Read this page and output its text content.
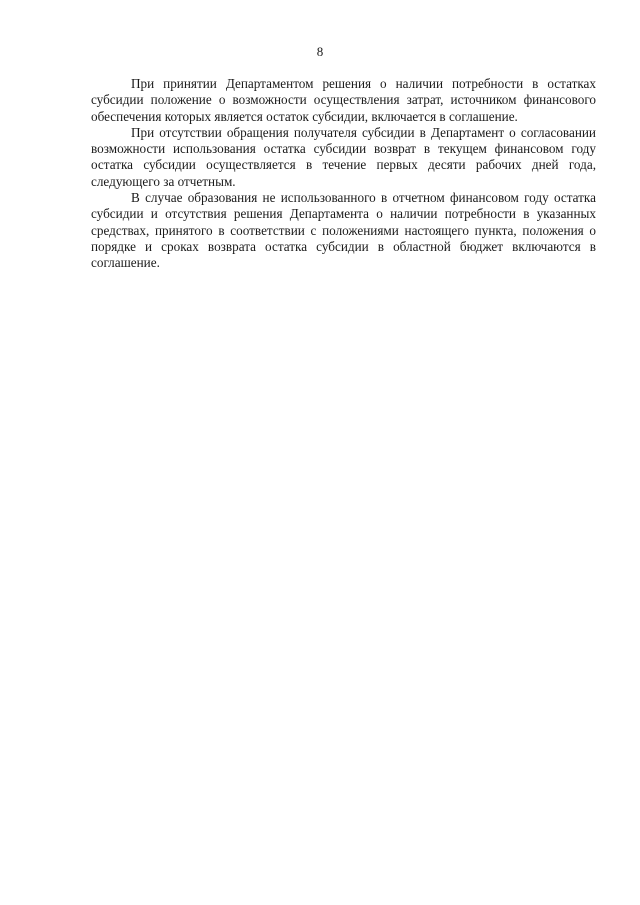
8

При принятии Департаментом решения о наличии потребности в остатках субсидии положение о возможности осуществления затрат, источником финансового обеспечения которых является остаток субсидии, включается в соглашение.

При отсутствии обращения получателя субсидии в Департамент о согласовании возможности использования остатка субсидии возврат в текущем финансовом году остатка субсидии осуществляется в течение первых десяти рабочих дней года, следующего за отчетным.

В случае образования не использованного в отчетном финансовом году остатка субсидии и отсутствия решения Департамента о наличии потребности в указанных средствах, принятого в соответствии с положениями настоящего пункта, положения о порядке и сроках возврата остатка субсидии в областной бюджет включаются в соглашение.
